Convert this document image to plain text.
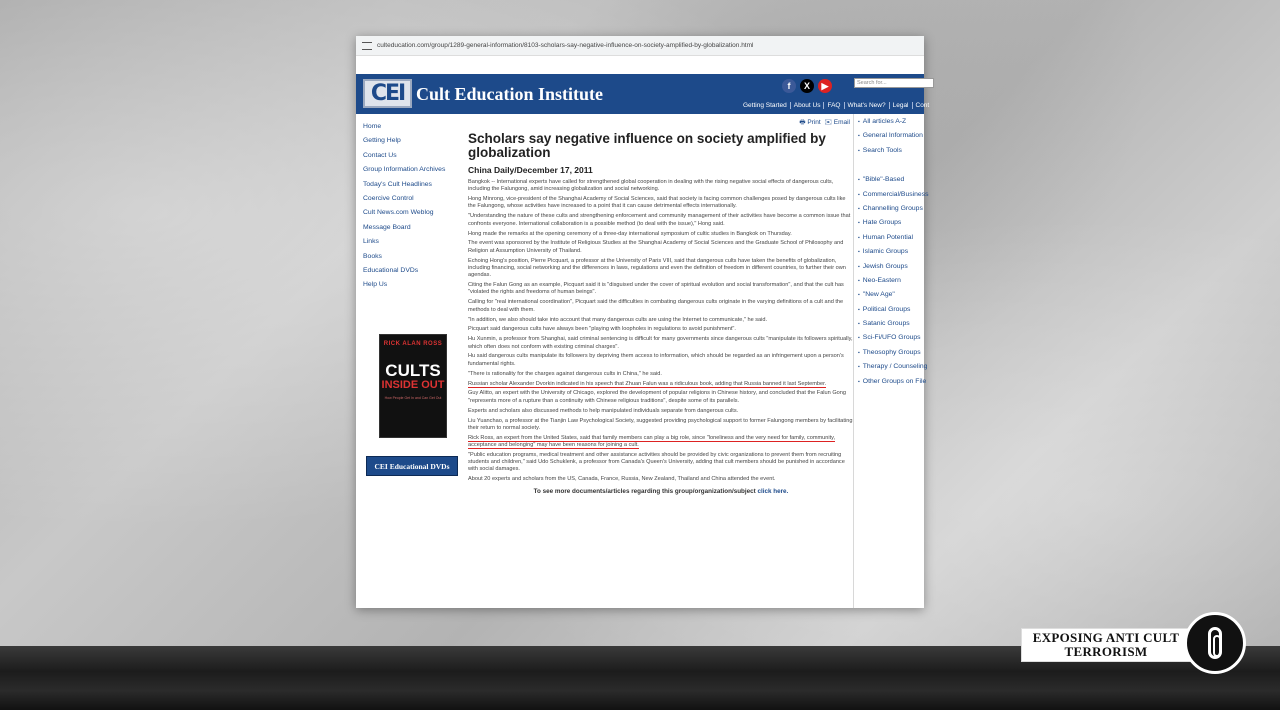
culteducation.com/group/1289-general-information/8103-scholars-say-negative-influence-on-society-amplified-by-globalization.html
CEI Cult Education Institute	f	X	▶	Search for...
Getting Started	About Us	FAQ	What's New?	Legal	Cont
Home
Getting Help
Contact Us
Group Information Archives
Today's Cult Headlines
Coercive Control
Cult News.com Weblog
Message Board
Links
Books
Educational DVDs
Help Us
RICK ALAN ROSS
CULTS
INSIDE OUT
How People Get In and Can Get Out
CEI Educational DVDs
🖶 Print ✉ Email
Scholars say negative influence on society amplified by globalization
China Daily/December 17, 2011

Bangkok -- International experts have called for strengthened global cooperation in dealing with the rising negative social effects of dangerous cults, including the Falungong, amid increasing globalization and social networking.

Hong Minrong, vice-president of the Shanghai Academy of Social Sciences, said that society is facing common challenges posed by dangerous cults like the Falungong, whose activities have increased to a point that it can cause detrimental effects internationally.

"Understanding the nature of these cults and strengthening enforcement and community management of their activities have become a common issue that confronts everyone. International collaboration is a possible method (to deal with the issue)," Hong said.

Hong made the remarks at the opening ceremony of a three-day international symposium of cultic studies in Bangkok on Thursday.

The event was sponsored by the Institute of Religious Studies at the Shanghai Academy of Social Sciences and the Graduate School of Philosophy and Religion at Assumption University of Thailand.

Echoing Hong's position, Pierre Picquart, a professor at the University of Paris VIII, said that dangerous cults have taken the benefits of globalization, including financing, social networking and the differences in laws, regulations and even the definition of freedom in different countries, to further their own agendas.

Citing the Falun Gong as an example, Picquart said it is "disguised under the cover of spiritual evolution and social transformation", and that the cult has "violated the rights and freedoms of human beings".

Calling for "real international coordination", Picquart said the difficulties in combating dangerous cults originate in the varying definitions of a cult and the methods to deal with them.

"In addition, we also should take into account that many dangerous cults are using the Internet to communicate," he said.

Picquart said dangerous cults have always been "playing with loopholes in regulations to avoid punishment".

Hu Xunmin, a professor from Shanghai, said criminal sentencing is difficult for many governments since dangerous cults "manipulate its followers spiritually, which often does not conform with existing criminal charges".

Hu said dangerous cults manipulate its followers by depriving them access to information, which should be regarded as an infringement upon a person's fundamental rights.

"There is rationality for the charges against dangerous cults in China," he said.

Russian scholar Alexander Dvorkin indicated in his speech that Zhuan Falun was a ridiculous book, adding that Russia banned it last September.

Guy Alitto, an expert with the University of Chicago, explored the development of popular religions in Chinese history, and concluded that the Falun Gong "represents more of a rupture than a continuity with Chinese religious traditions", despite some of its parallels.

Experts and scholars also discussed methods to help manipulated individuals separate from dangerous cults.

Liu Yuanchao, a professor at the Tianjin Law Psychological Society, suggested providing psychological support to former Falungong members by facilitating their return to normal society.

Rick Ross, an expert from the United States, said that family members can play a big role, since "loneliness and the very need for family, community, acceptance and belonging" may have been reasons for joining a cult.

"Public education programs, medical treatment and other assistance activities should be provided by civic organizations to prevent them from recruiting students and children," said Udo Schuklenk, a professor from Canada's Queen's University, adding that cult members should be punished in accordance with social damages.

About 20 experts and scholars from the US, Canada, France, Russia, New Zealand, Thailand and China attended the event.

To see more documents/articles regarding this group/organization/subject click here.
▪ All articles A-Z
▪ General Information
▪ Search Tools
▪ "Bible"-Based
▪ Commercial/Business
▪ Channelling Groups
▪ Hate Groups
▪ Human Potential
▪ Islamic Groups
▪ Jewish Groups
▪ Neo-Eastern
▪ "New Age"
▪ Political Groups
▪ Satanic Groups
▪ Sci-Fi/UFO Groups
▪ Theosophy Groups
▪ Therapy / Counseling
▪ Other Groups on File
EXPOSING ANTI CULT
TERRORISM
